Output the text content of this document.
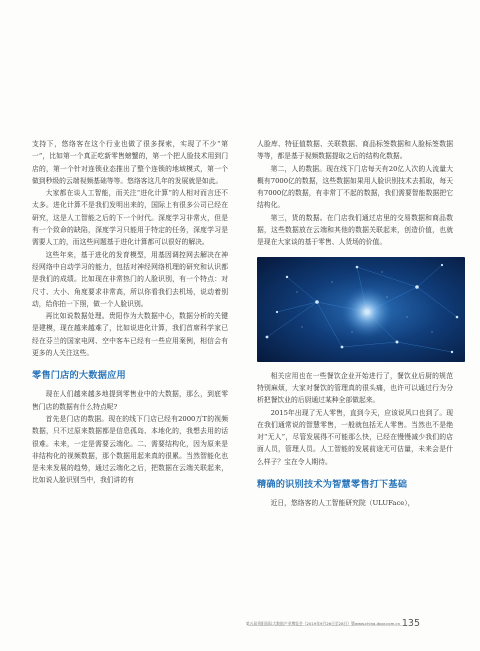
支持下，悠络客在这个行业也做了很多探索，实现了不少“第一”，比如第一个真正吃新零售螃蟹的，第一个把人脸技术用到门店的，第一个针对连锁业态推出了整个连锁的地域模式，第一个做到秒级的云端视频基础等等。悠络客这几年的发展就是如此。

大家都在谈人工智能，而关注“进化计算”的人相对而言还不太多。进化计算不是我们发明出来的，国际上有很多公司已经在研究，这是人工智能之后的下一个时代。深度学习非常火，但是有一个致命的缺陷，深度学习只能用于特定的任务，深度学习是需要人工的，而这些问题基于进化计算都可以很好的解决。

这些年来，基于进化的发育模型，用基因调控网去解决在神经网络中自动学习的能力，包括对神经网络机理的研究和认识都是我们的成绩。比如现在非常热门的人脸识别，有一个特点：对尺寸、大小、角度要求非常高，所以你看我们去机场，说动着别动，给你拍一下照，做一个人脸识别。

再比如说数据处理。贵阳作为大数据中心，数据分析的关键是建模，现在越来越难了，比如说进化计算，我们首席科学家已经在芬兰的国家电网、空中客车已经有一些应用案例，相信会有更多的人关注这些。

零售门店的大数据应用

现在人们越来越多地提到零售业中的大数据，那么，到底零售门店的数据有什么特点呢?

首先是门店的数据。现在的线下门店已经有2000万T的视频数据，只不过原来数据都是信息孤岛、本地化的，我想去用的话很难。未来，一定是需要云端化。二、需要结构化，因为原来是非结构化的视频数据，那个数据用起来真的很累。当然智能化也是未来发展的趋势，通过云端化之后，把数据在云端关联起来，比如说人脸识别当中，我们讲的有

人脸库、特征值数据、关联数据、商品标签数据和人脸标签数据等等，都是基于视频数据提取之后的结构化数据。

第二，人的数据。现在线下门店每天有20亿人次的人流量大概有7000亿的数据，这些数据如果用人脸识别技术去抓取，每天有7000亿的数据，有非常丁不起的数据，我们需要智能数据把它结构化。

第三，货的数据。在门店我们通过店里的交易数据和商品数据，这些数据放在云端和其他的数据关联起来，创造价值，也就是现在大家谈的基于零售、人货场的价值。

相关应用也在一些餐饮企业开始进行了，餐饮业后厨的规范特别麻烦，大家对餐饮的管理真的很头痛，也许可以通过行为分析把餐饮业的后厨通过某种全部做起来。

2015年出现了无人零售，直到今天，应该说风口也到了。现在我们通常说的智慧零售，一般就包括无人零售。当然也不是绝对“无人”，尽管发展得不可能那么快，已经在慢慢减少我们的店面人员，管理人员。人工智能的发展前途无可估量，未来会是什么样子？宝在令人期待。

精确的识别技术为智慧零售打下基础

近日，悠络客的人工智能研究院（ULUFace），

第五届贵阳国际大数据产业博览会（2019年9月26日至28日）暨www.china-door.com.cn 135
